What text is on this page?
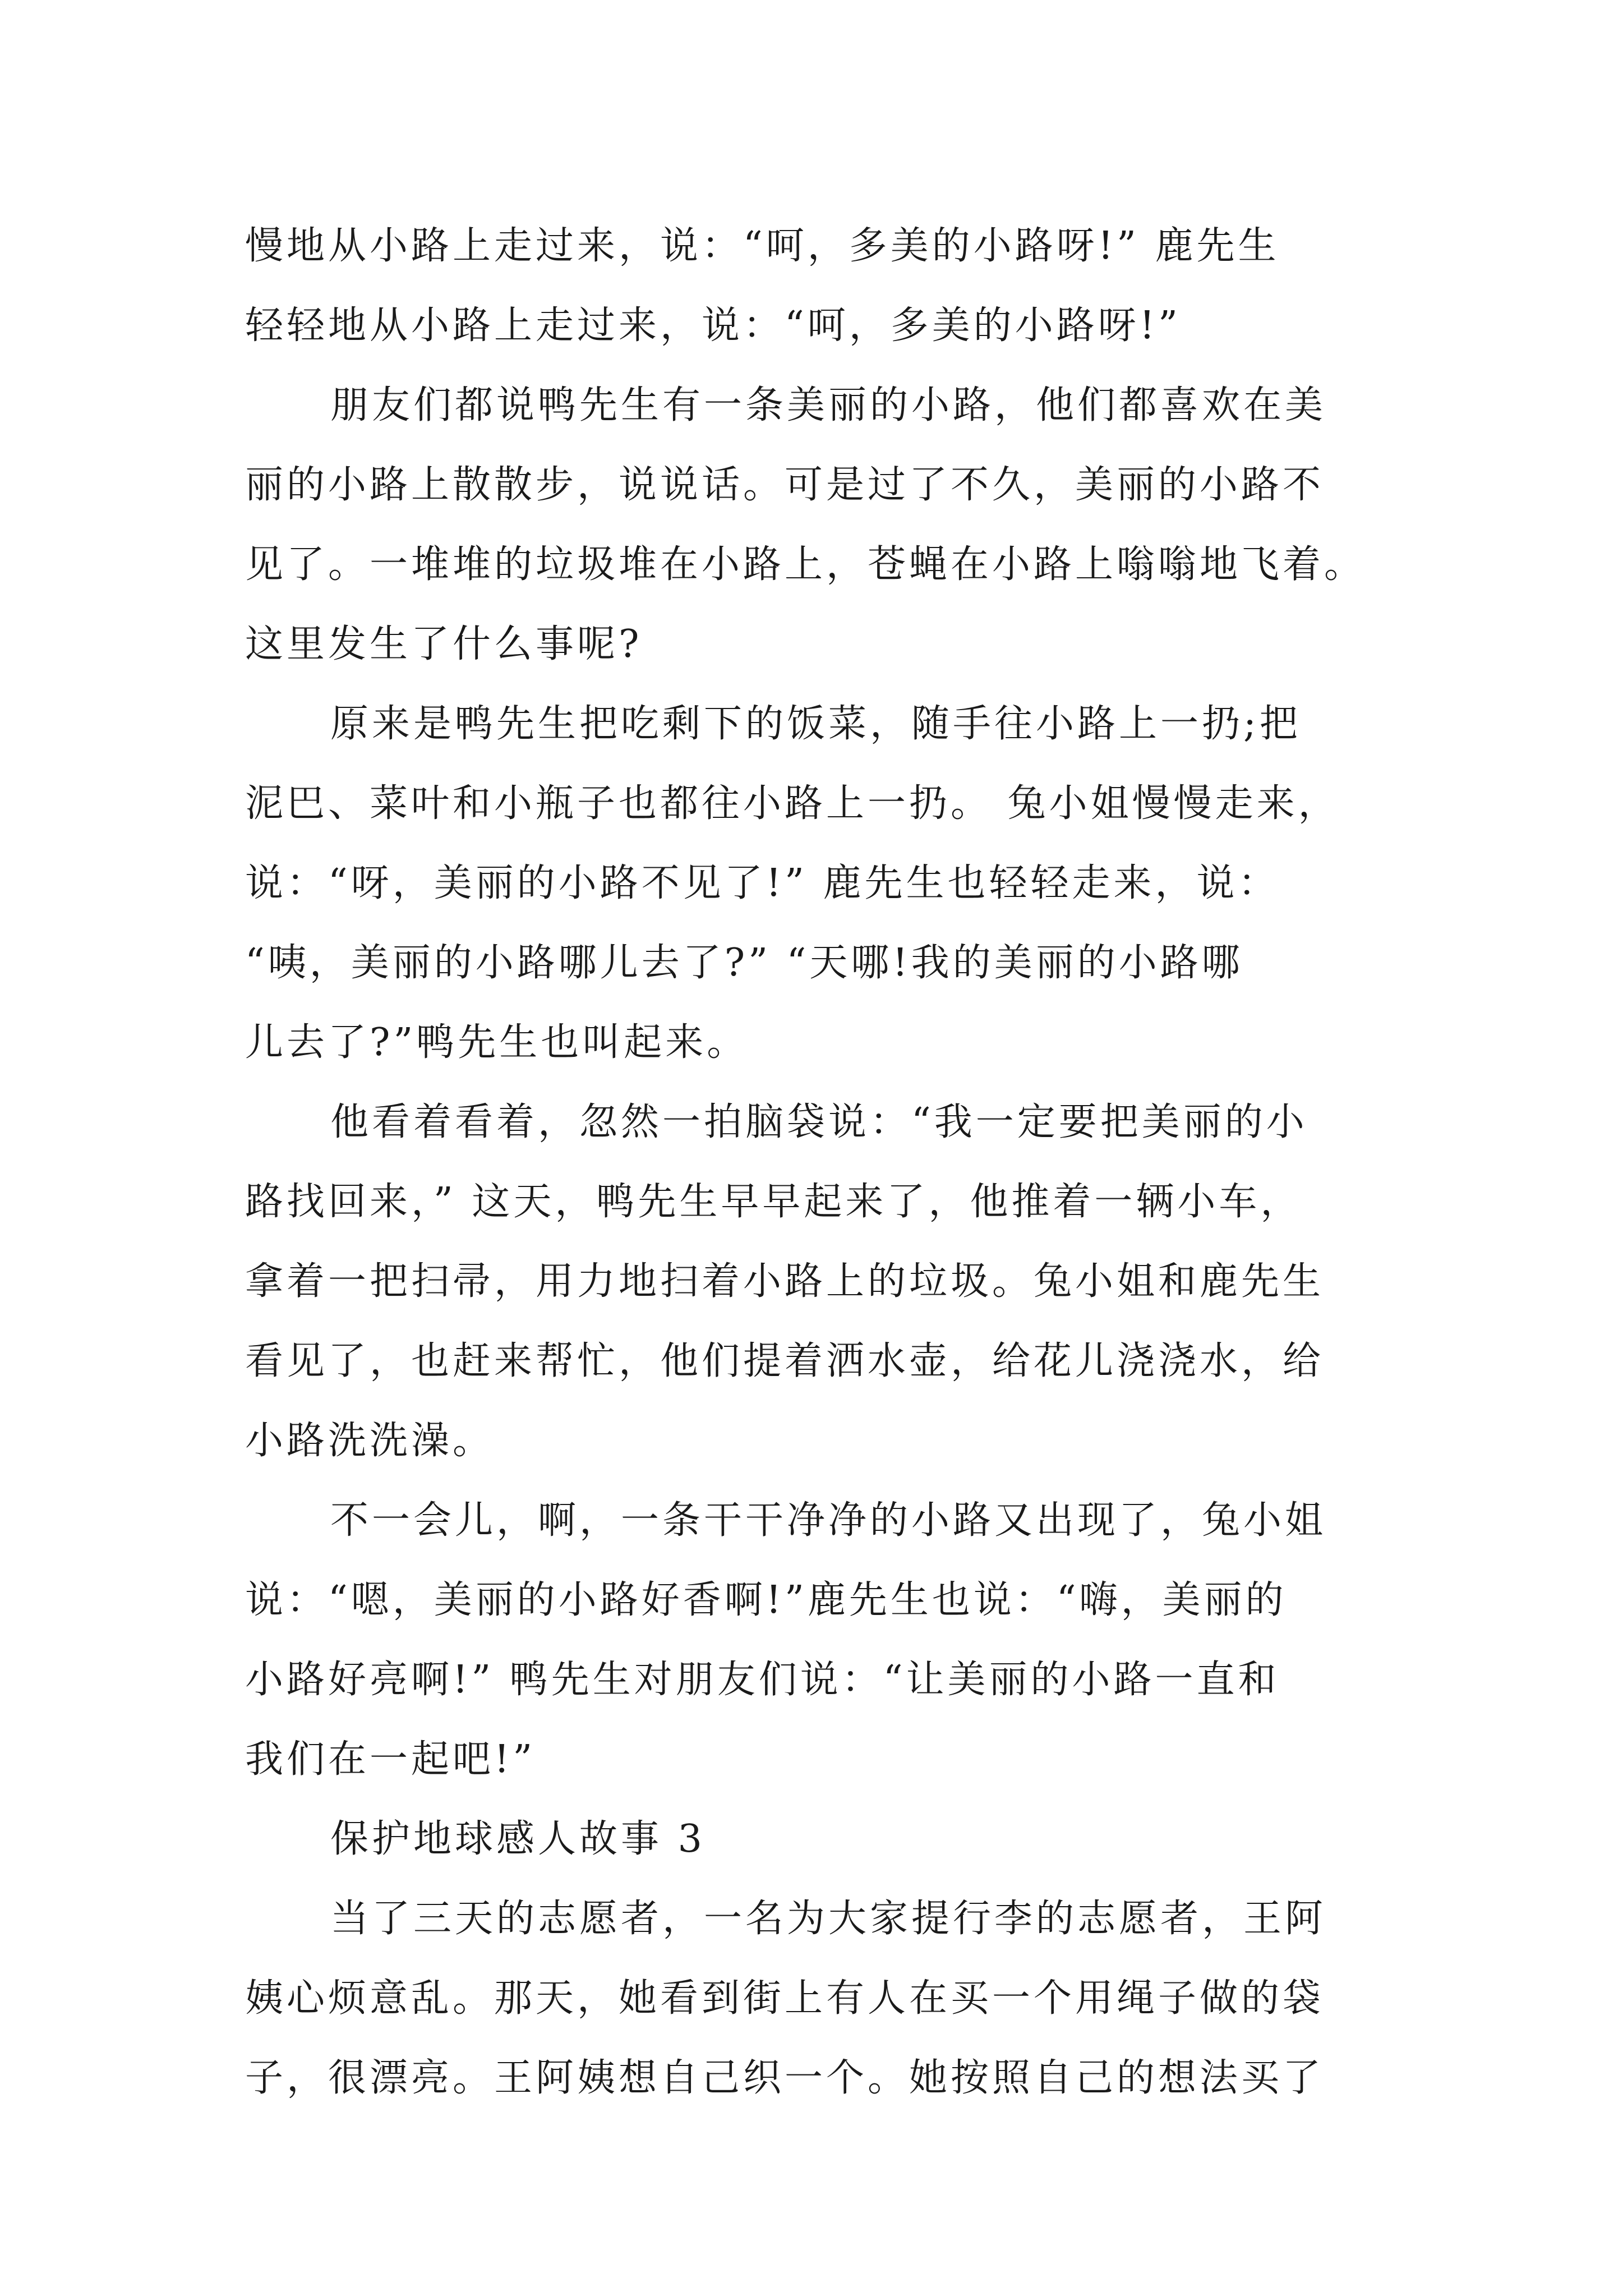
慢地从小路上走过来，说：“呵，多美的小路呀!” 鹿先生
轻轻地从小路上走过来，说：“呵，多美的小路呀!”
朋友们都说鸭先生有一条美丽的小路，他们都喜欢在美
丽的小路上散散步，说说话。可是过了不久，美丽的小路不
见了。一堆堆的垃圾堆在小路上，苍蝇在小路上嗡嗡地飞着。
这里发生了什么事呢?
原来是鸭先生把吃剩下的饭菜，随手往小路上一扔;把
泥巴、菜叶和小瓶子也都往小路上一扔。 兔小姐慢慢走来，
说：“呀，美丽的小路不见了!” 鹿先生也轻轻走来，说：
“咦，美丽的小路哪儿去了?” “天哪!我的美丽的小路哪
儿去了?”鸭先生也叫起来。
他看着看着，忽然一拍脑袋说：“我一定要把美丽的小
路找回来，” 这天，鸭先生早早起来了，他推着一辆小车，
拿着一把扫帚，用力地扫着小路上的垃圾。兔小姐和鹿先生
看见了，也赶来帮忙，他们提着洒水壶，给花儿浇浇水，给
小路洗洗澡。
不一会儿，啊，一条干干净净的小路又出现了，兔小姐
说：“嗯，美丽的小路好香啊!”鹿先生也说：“嗨，美丽的
小路好亮啊!” 鸭先生对朋友们说：“让美丽的小路一直和
我们在一起吧!”
保护地球感人故事 3
当了三天的志愿者，一名为大家提行李的志愿者，王阿
姨心烦意乱。那天，她看到街上有人在买一个用绳子做的袋
子，很漂亮。王阿姨想自己织一个。她按照自己的想法买了
